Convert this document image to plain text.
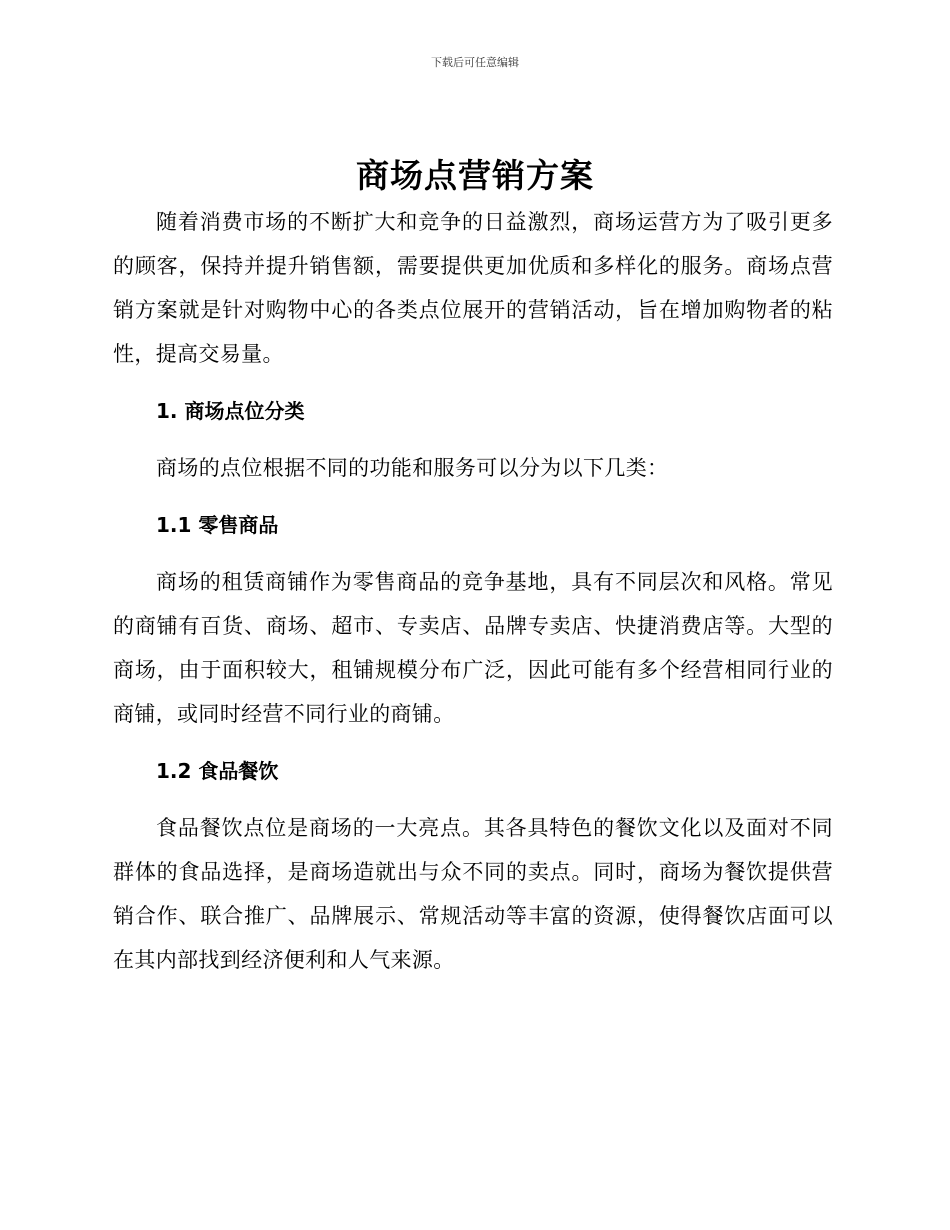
下载后可任意编辑
商场点营销方案

随着消费市场的不断扩大和竞争的日益激烈，商场运营方为了吸引更多的顾客，保持并提升销售额，需要提供更加优质和多样化的服务。商场点营销方案就是针对购物中心的各类点位展开的营销活动，旨在增加购物者的粘性，提高交易量。

1. 商场点位分类

商场的点位根据不同的功能和服务可以分为以下几类：

1.1 零售商品

商场的租赁商铺作为零售商品的竞争基地，具有不同层次和风格。常见的商铺有百货、商场、超市、专卖店、品牌专卖店、快捷消费店等。大型的商场，由于面积较大，租铺规模分布广泛，因此可能有多个经营相同行业的商铺，或同时经营不同行业的商铺。

1.2 食品餐饮

食品餐饮点位是商场的一大亮点。其各具特色的餐饮文化以及面对不同群体的食品选择，是商场造就出与众不同的卖点。同时，商场为餐饮提供营销合作、联合推广、品牌展示、常规活动等丰富的资源，使得餐饮店面可以在其内部找到经济便利和人气来源。
